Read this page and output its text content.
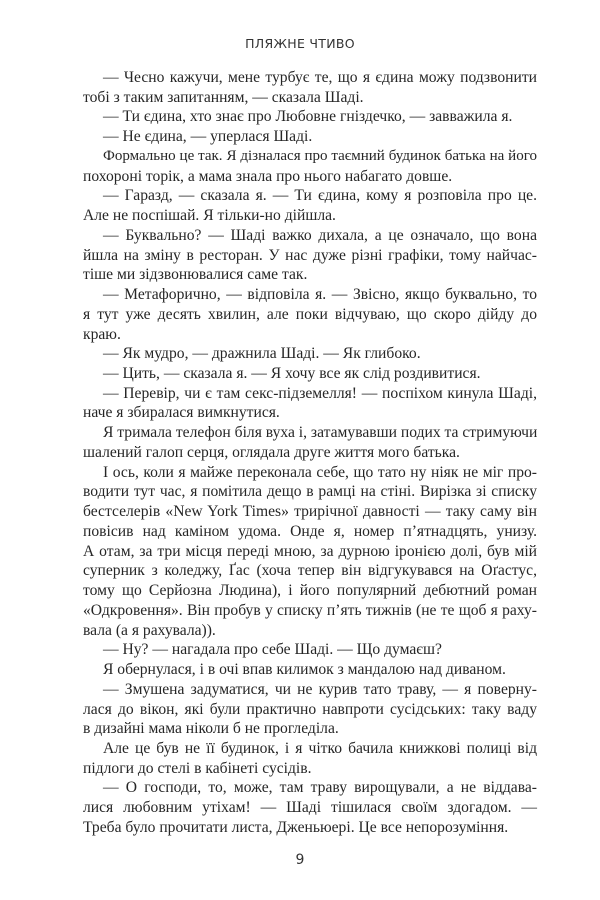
ПЛЯЖНЕ ЧТИВО
— Чесно кажучи, мене турбує те, що я єдина можу подзвонити
тобі з таким запитанням, — сказала Шаді.
— Ти єдина, хто знає про Любовне гніздечко, — завважила я.
— Не єдина, — уперлася Шаді.
Формально це так. Я дізналася про таємний будинок батька на його
похороні торік, а мама знала про нього набагато довше.
— Гаразд, — сказала я. — Ти єдина, кому я розповіла про це.
Але не поспішай. Я тільки-но дійшла.
— Буквально? — Шаді важко дихала, а це означало, що вона
йшла на зміну в ресторан. У нас дуже різні графіки, тому найчас-
тіше ми зідзвонювалися саме так.
— Метафорично, — відповіла я. — Звісно, якщо буквально, то
я тут уже десять хвилин, але поки відчуваю, що скоро дійду до
краю.
— Як мудро, — дражнила Шаді. — Як глибоко.
— Цить, — сказала я. — Я хочу все як слід роздивитися.
— Перевір, чи є там секс-підземелля! — поспіхом кинула Шаді,
наче я збиралася вимкнутися.
Я тримала телефон біля вуха і, затамувавши подих та стримуючи
шалений галоп серця, оглядала друге життя мого батька.
І ось, коли я майже переконала себе, що тато ну ніяк не міг про-
водити тут час, я помітила дещо в рамці на стіні. Вирізка зі списку
бестселерів «New York Times» трирічної давності — таку саму він
повісив над каміном удома. Онде я, номер п’ятнадцять, унизу.
А отам, за три місця переді мною, за дурною іронією долі, був мій
суперник з коледжу, Ґас (хоча тепер він відгукувався на Оґастус,
тому що Серйозна Людина), і його популярний дебютний роман
«Одкровення». Він пробув у списку п’ять тижнів (не те щоб я раху-
вала (а я рахувала)).
— Ну? — нагадала про себе Шаді. — Що думаєш?
Я обернулася, і в очі впав килимок з мандалою над диваном.
— Змушена задуматися, чи не курив тато траву, — я поверну-
лася до вікон, які були практично навпроти сусідських: таку ваду
в дизайні мама ніколи б не прогледіла.
Але це був не її будинок, і я чітко бачила книжкові полиці від
підлоги до стелі в кабінеті сусідів.
— О господи, то, може, там траву вирощували, а не віддава-
лися любовним утіхам! — Шаді тішилася своїм здогадом. —
Треба було прочитати листа, Дженьюері. Це все непорозуміння.
9
